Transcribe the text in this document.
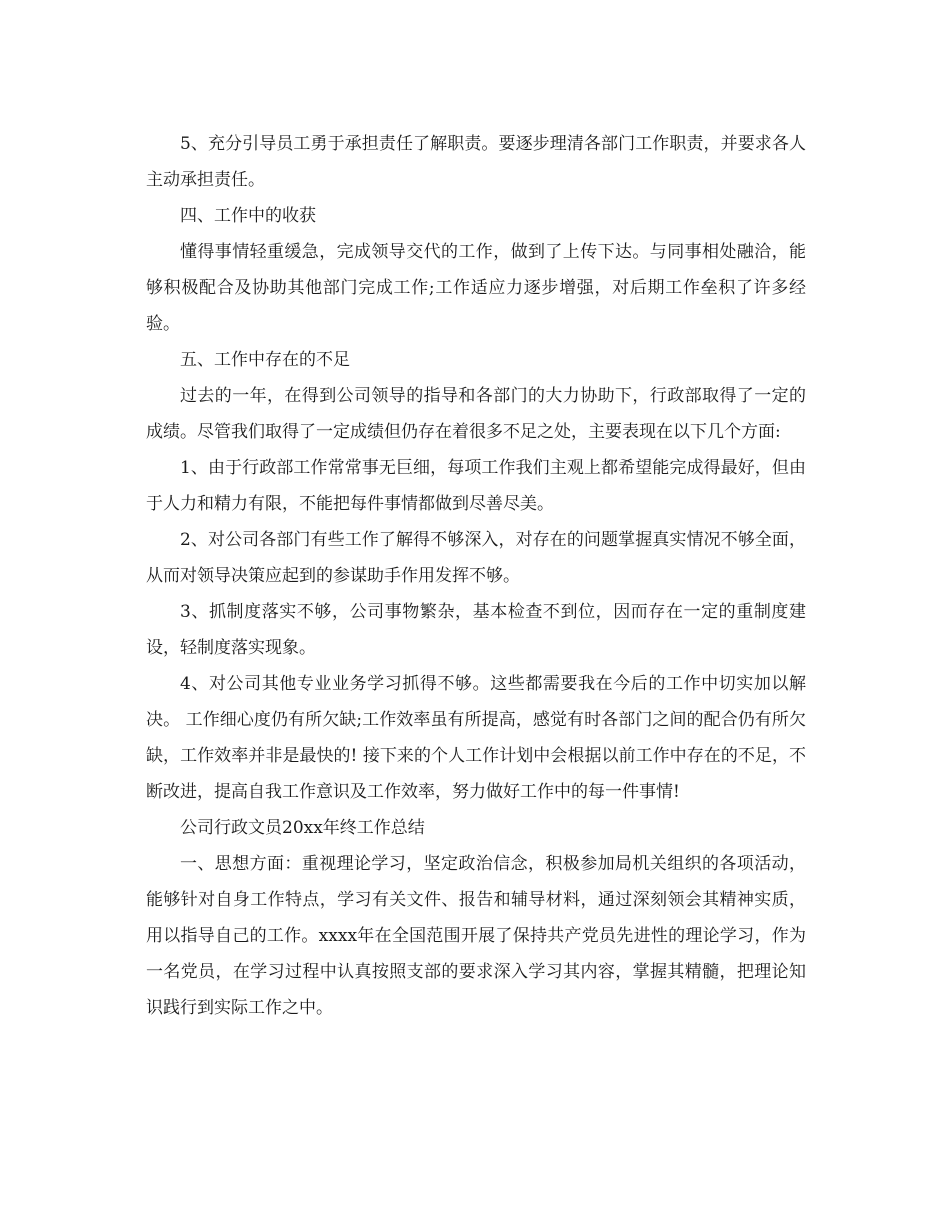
5、充分引导员工勇于承担责任了解职责。要逐步理清各部门工作职责，并要求各人主动承担责任。

四、工作中的收获

懂得事情轻重缓急，完成领导交代的工作，做到了上传下达。与同事相处融洽，能够积极配合及协助其他部门完成工作;工作适应力逐步增强，对后期工作垒积了许多经验。

五、工作中存在的不足

过去的一年，在得到公司领导的指导和各部门的大力协助下，行政部取得了一定的成绩。尽管我们取得了一定成绩但仍存在着很多不足之处，主要表现在以下几个方面:

1、由于行政部工作常常事无巨细，每项工作我们主观上都希望能完成得最好，但由于人力和精力有限，不能把每件事情都做到尽善尽美。

2、对公司各部门有些工作了解得不够深入，对存在的问题掌握真实情况不够全面，从而对领导决策应起到的参谋助手作用发挥不够。

3、抓制度落实不够，公司事物繁杂，基本检查不到位，因而存在一定的重制度建设，轻制度落实现象。

4、对公司其他专业业务学习抓得不够。这些都需要我在今后的工作中切实加以解决。 工作细心度仍有所欠缺;工作效率虽有所提高，感觉有时各部门之间的配合仍有所欠缺，工作效率并非是最快的! 接下来的个人工作计划中会根据以前工作中存在的不足，不断改进，提高自我工作意识及工作效率，努力做好工作中的每一件事情!

公司行政文员20xx年终工作总结

一、思想方面：重视理论学习，坚定政治信念，积极参加局机关组织的各项活动，能够针对自身工作特点，学习有关文件、报告和辅导材料，通过深刻领会其精神实质，用以指导自己的工作。xxxx年在全国范围开展了保持共产党员先进性的理论学习，作为一名党员，在学习过程中认真按照支部的要求深入学习其内容，掌握其精髓，把理论知识践行到实际工作之中。
